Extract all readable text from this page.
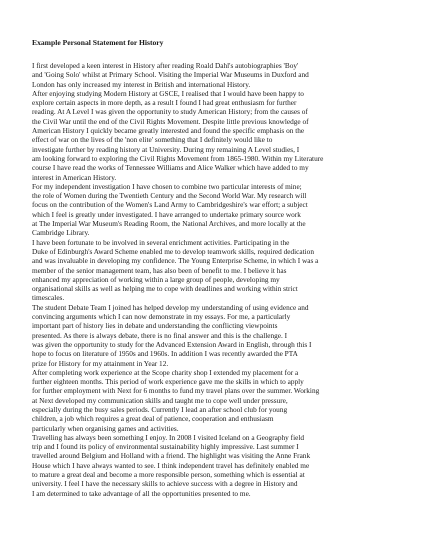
Example Personal Statement for History
I first developed a keen interest in History after reading Roald Dahl's autobiographies 'Boy'
and 'Going Solo' whilst at Primary School. Visiting the Imperial War Museums in Duxford and
London has only increased my interest in British and international History.
After enjoying studying Modern History at GSCE, I realised that I would have been happy to
explore certain aspects in more depth, as a result I found I had great enthusiasm for further
reading. At A Level I was given the opportunity to study American History; from the causes of
the Civil War until the end of the Civil Rights Movement. Despite little previous knowledge of
American History I quickly became greatly interested and found the specific emphasis on the
effect of war on the lives of the 'non elite' something that I definitely would like to
investigate further by reading history at University. During my remaining A Level studies, I
am looking forward to exploring the Civil Rights Movement from 1865-1980. Within my Literature
course I have read the works of Tennessee Williams and Alice Walker which have added to my
interest in American History.
For my independent investigation I have chosen to combine two particular interests of mine;
the role of Women during the Twentieth Century and the Second World War. My research will
focus on the contribution of the Women's Land Army to Cambridgeshire's war effort; a subject
which I feel is greatly under investigated. I have arranged to undertake primary source work
at The Imperial War Museum's Reading Room, the National Archives, and more locally at the
Cambridge Library.
I have been fortunate to be involved in several enrichment activities. Participating in the
Duke of Edinburgh's Award Scheme enabled me to develop teamwork skills, required dedication
and was invaluable in developing my confidence. The Young Enterprise Scheme, in which I was a
member of the senior management team, has also been of benefit to me. I believe it has
enhanced my appreciation of working within a large group of people, developing my
organisational skills as well as helping me to cope with deadlines and working within strict
timescales.
The student Debate Team I joined has helped develop my understanding of using evidence and
convincing arguments which I can now demonstrate in my essays. For me, a particularly
important part of history lies in debate and understanding the conflicting viewpoints
presented. As there is always debate, there is no final answer and this is the challenge. I
was given the opportunity to study for the Advanced Extension Award in English, through this I
hope to focus on literature of 1950s and 1960s. In addition I was recently awarded the PTA
prize for History for my attainment in Year 12.
After completing work experience at the Scope charity shop I extended my placement for a
further eighteen months. This period of work experience gave me the skills in which to apply
for further employment with Next for 6 months to fund my travel plans over the summer. Working
at Next developed my communication skills and taught me to cope well under pressure,
especially during the busy sales periods. Currently I lead an after school club for young
children, a job which requires a great deal of patience, cooperation and enthusiasm
particularly when organising games and activities.
Travelling has always been something I enjoy. In 2008 I visited Iceland on a Geography field
trip and I found its policy of environmental sustainability highly impressive. Last summer I
travelled around Belgium and Holland with a friend. The highlight was visiting the Anne Frank
House which I have always wanted to see. I think independent travel has definitely enabled me
to mature a great deal and become a more responsible person, something which is essential at
university. I feel I have the necessary skills to achieve success with a degree in History and
I am determined to take advantage of all the opportunities presented to me.
